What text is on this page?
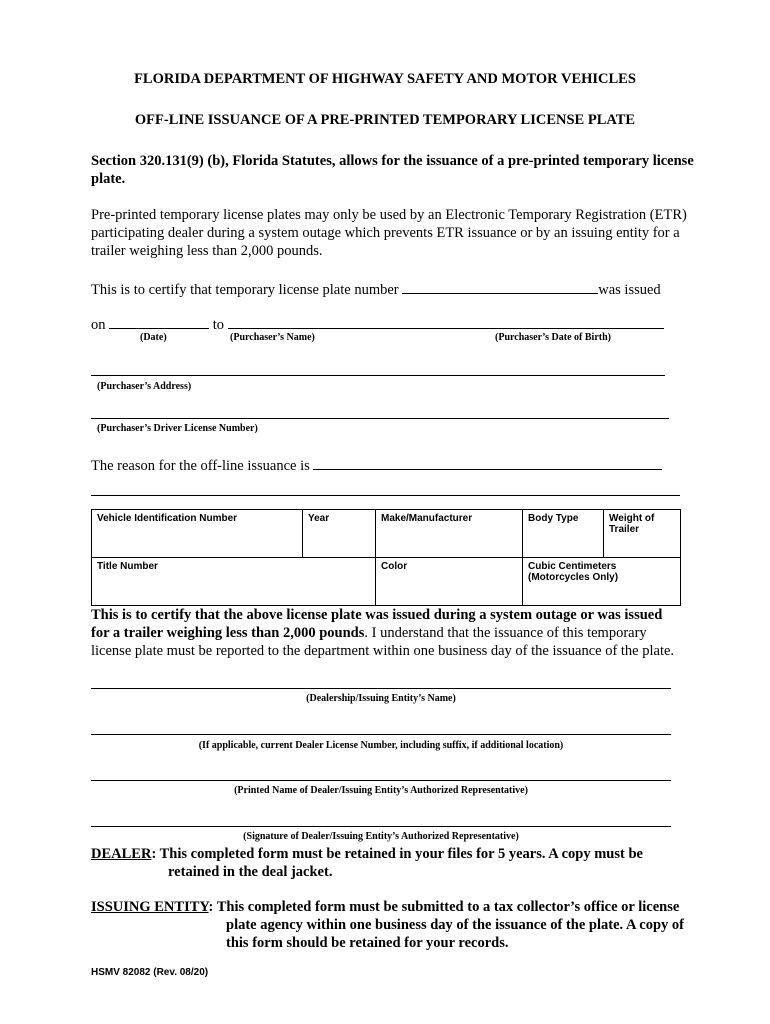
FLORIDA DEPARTMENT OF HIGHWAY SAFETY AND MOTOR VEHICLES
OFF-LINE ISSUANCE OF A PRE-PRINTED TEMPORARY LICENSE PLATE
Section 320.131(9) (b), Florida Statutes, allows for the issuance of a pre-printed temporary license
plate.
Pre-printed temporary license plates may only be used by an Electronic Temporary Registration (ETR)
participating dealer during a system outage which prevents ETR issuance or by an issuing entity for a
trailer weighing less than 2,000 pounds.
This is to certify that temporary license plate number	was issued
on	to
(Date)	(Purchaser’s Name)	(Purchaser’s Date of Birth)
(Purchaser’s Address)
(Purchaser’s Driver License Number)
The reason for the off-line issuance is
Vehicle Identification Number	Year	Make/Manufacturer	Body Type	Weight of Trailer
Title Number		Color	Cubic Centimeters (Motorcycles Only)	
This is to certify that the above license plate was issued during a system outage or was issued
for a trailer weighing less than 2,000 pounds. I understand that the issuance of this temporary
license plate must be reported to the department within one business day of the issuance of the plate.
(Dealership/Issuing Entity’s Name)
(If applicable, current Dealer License Number, including suffix, if additional location)
(Printed Name of Dealer/Issuing Entity’s Authorized Representative)
(Signature of Dealer/Issuing Entity’s Authorized Representative)
DEALER: This completed form must be retained in your files for 5 years. A copy must be
retained in the deal jacket.
ISSUING ENTITY: This completed form must be submitted to a tax collector’s office or license
plate agency within one business day of the issuance of the plate. A copy of
this form should be retained for your records.
HSMV 82082 (Rev. 08/20)
